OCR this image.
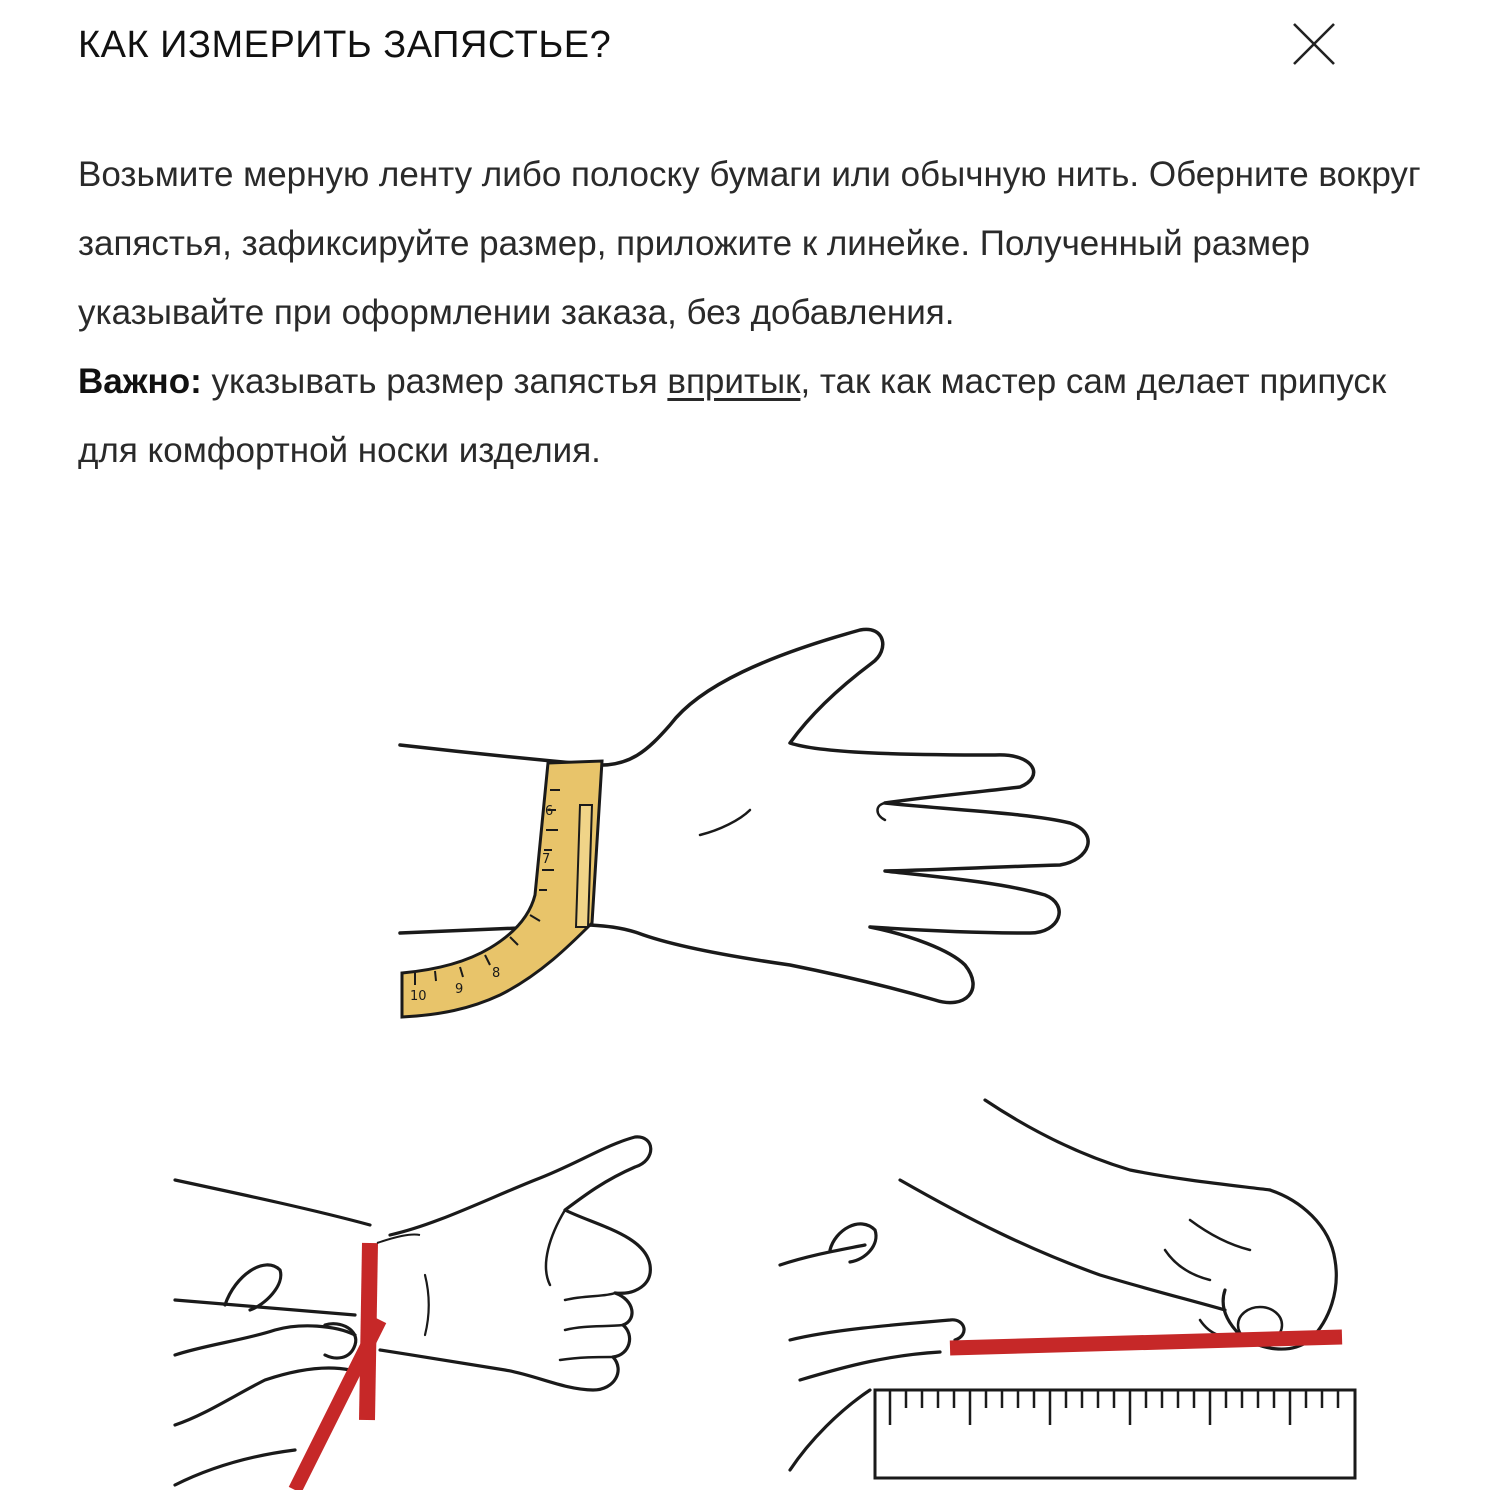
КАК ИЗМЕРИТЬ ЗАПЯСТЬЕ?

Возьмите мерную ленту либо полоску бумаги или обычную нить. Оберните вокруг запястья, зафиксируйте размер, приложите к линейке. Полученный размер указывайте при оформлении заказа, без добавления.

Важно: указывать размер запястья впритык, так как мастер сам делает припуск для комфортной носки изделия.

10 9
8
7
6
